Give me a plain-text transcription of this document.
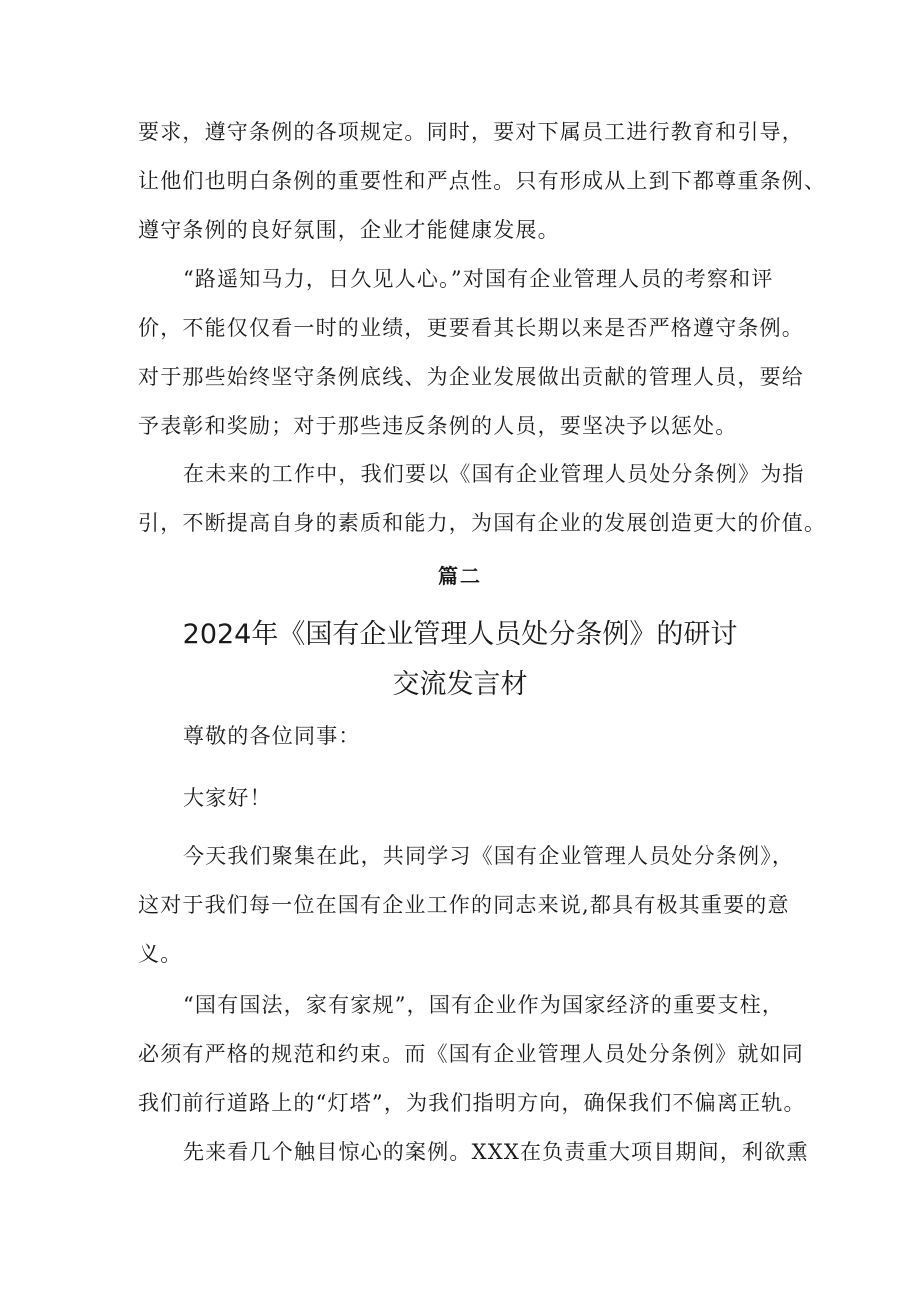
要求，遵守条例的各项规定。同时，要对下属员工进行教育和引导，
让他们也明白条例的重要性和严点性。只有形成从上到下都尊重条例、
遵守条例的良好氛围，企业才能健康发展。
“路遥知马力，日久见人心。”对国有企业管理人员的考察和评
价，不能仅仅看一时的业绩，更要看其长期以来是否严格遵守条例。
对于那些始终坚守条例底线、为企业发展做出贡献的管理人员，要给
予表彰和奖励；对于那些违反条例的人员，要坚决予以惩处。
在未来的工作中，我们要以《国有企业管理人员处分条例》为指
引，不断提高自身的素质和能力，为国有企业的发展创造更大的价值。
篇二
2024年《国有企业管理人员处分条例》的研讨
交流发言材
尊敬的各位同事：
大家好！
今天我们聚集在此，共同学习《国有企业管理人员处分条例》，
这对于我们每一位在国有企业工作的同志来说,都具有极其重要的意
义。
“国有国法，家有家规”，国有企业作为国家经济的重要支柱，
必须有严格的规范和约束。而《国有企业管理人员处分条例》就如同
我们前行道路上的“灯塔”，为我们指明方向，确保我们不偏离正轨。
先来看几个触目惊心的案例。XXX在负责重大项目期间，利欲熏
